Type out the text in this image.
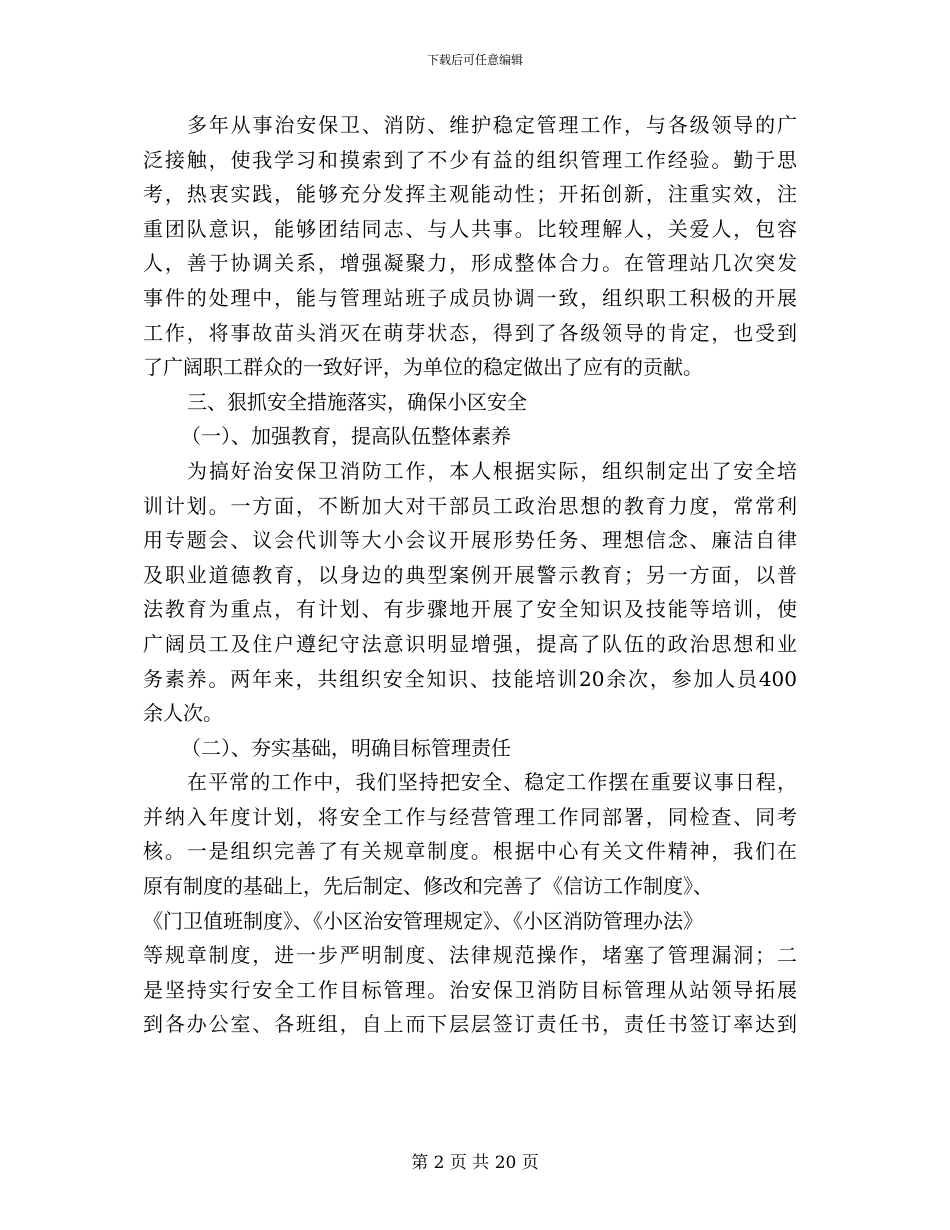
下载后可任意编辑
多年从事治安保卫、消防、维护稳定管理工作，与各级领导的广
泛接触，使我学习和摸索到了不少有益的组织管理工作经验。勤于思
考，热衷实践，能够充分发挥主观能动性；开拓创新，注重实效，注
重团队意识，能够团结同志、与人共事。比较理解人，关爱人，包容
人，善于协调关系，增强凝聚力，形成整体合力。在管理站几次突发
事件的处理中，能与管理站班子成员协调一致，组织职工积极的开展
工作，将事故苗头消灭在萌芽状态，得到了各级领导的肯定，也受到
了广阔职工群众的一致好评，为单位的稳定做出了应有的贡献。
三、狠抓安全措施落实，确保小区安全
（一）、加强教育，提高队伍整体素养
为搞好治安保卫消防工作，本人根据实际，组织制定出了安全培
训计划。一方面，不断加大对干部员工政治思想的教育力度，常常利
用专题会、议会代训等大小会议开展形势任务、理想信念、廉洁自律
及职业道德教育，以身边的典型案例开展警示教育；另一方面，以普
法教育为重点，有计划、有步骤地开展了安全知识及技能等培训，使
广阔员工及住户遵纪守法意识明显增强，提高了队伍的政治思想和业
务素养。两年来，共组织安全知识、技能培训20余次，参加人员400
余人次。
（二）、夯实基础，明确目标管理责任
在平常的工作中，我们坚持把安全、稳定工作摆在重要议事日程，
并纳入年度计划，将安全工作与经营管理工作同部署，同检查、同考
核。一是组织完善了有关规章制度。根据中心有关文件精神，我们在
原有制度的基础上，先后制定、修改和完善了《信访工作制度》、
《门卫值班制度》、《小区治安管理规定》、《小区消防管理办法》
等规章制度，进一步严明制度、法律规范操作，堵塞了管理漏洞；二
是坚持实行安全工作目标管理。治安保卫消防目标管理从站领导拓展
到各办公室、各班组，自上而下层层签订责任书，责任书签订率达到
第 2 页 共 20 页
